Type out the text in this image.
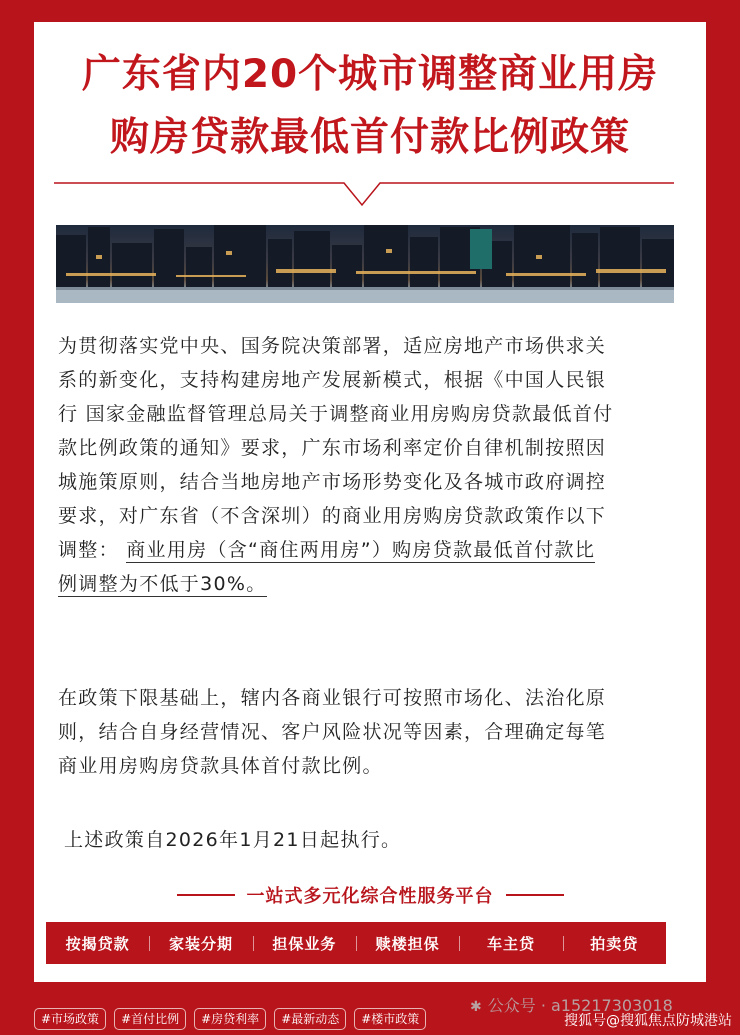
广东省内20个城市调整商业用房
购房贷款最低首付款比例政策
为贯彻落实党中央、国务院决策部署，适应房地产市场供求关
系的新变化，支持构建房地产发展新模式，根据《中国人民银
行 国家金融监督管理总局关于调整商业用房购房贷款最低首付
款比例政策的通知》要求，广东市场利率定价自律机制按照因
城施策原则，结合当地房地产市场形势变化及各城市政府调控
要求，对广东省（不含深圳）的商业用房购房贷款政策作以下
调整： 商业用房（含“商住两用房”）购房贷款最低首付款比
例调整为不低于30%。
在政策下限基础上，辖内各商业银行可按照市场化、法治化原
则，结合自身经营情况、客户风险状况等因素，合理确定每笔
商业用房购房贷款具体首付款比例。
上述政策自2026年1月21日起执行。
一站式多元化综合性服务平台
按揭贷款	家装分期	担保业务	赎楼担保	车主贷	拍卖贷
#市场政策	#首付比例	#房贷利率	#最新动态	#楼市政策
✱ 公众号 · a15217303018
搜狐号@搜狐焦点防城港站
